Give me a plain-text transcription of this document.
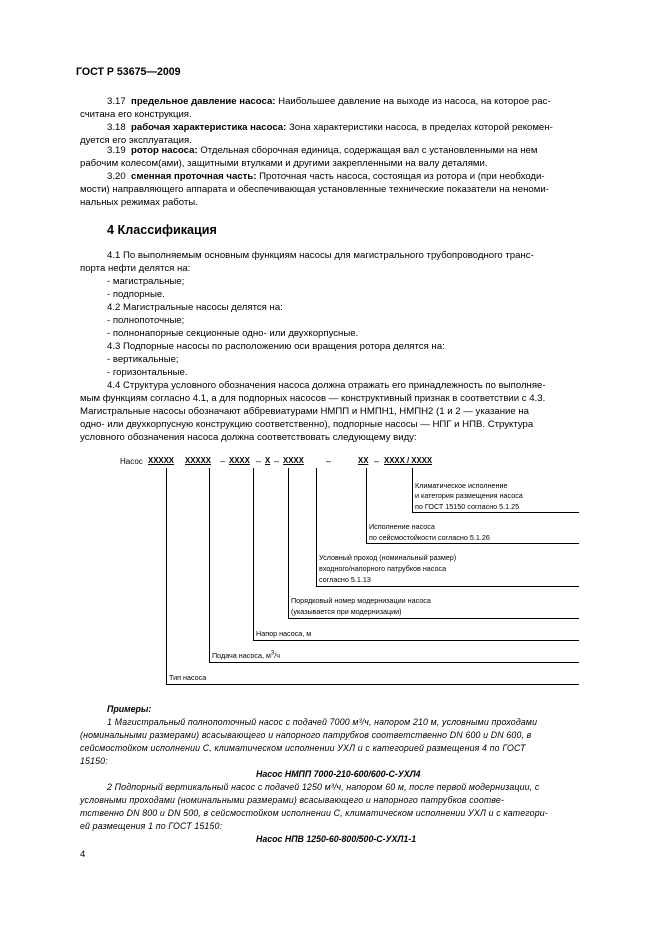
ГОСТ Р 53675—2009
3.17 предельное давление насоса: Наибольшее давление на выходе из насоса, на которое рас-
считана его конструкция.
3.18 рабочая характеристика насоса: Зона характеристики насоса, в пределах которой рекомен-
дуется его эксплуатация.
3.19 ротор насоса: Отдельная сборочная единица, содержащая вал с установленными на нем
рабочим колесом(ами), защитными втулками и другими закрепленными на валу деталями.
3.20 сменная проточная часть: Проточная часть насоса, состоящая из ротора и (при необходи-
мости) направляющего аппарата и обеспечивающая установленные технические показатели на неноми-
нальных режимах работы.
4 Классификация
4.1 По выполняемым основным функциям насосы для магистрального трубопроводного транс-
порта нефти делятся на:
- магистральные;
- подпорные.
4.2 Магистральные насосы делятся на:
- полнопоточные;
- полнонапорные секционные одно- или двухкорпусные.
4.3 Подпорные насосы по расположению оси вращения ротора делятся на:
- вертикальные;
- горизонтальные.
4.4 Структура условного обозначения насоса должна отражать его принадлежность по выполняе-
мым функциям согласно 4.1, а для подпорных насосов — конструктивный признак в соответствии с 4.3.
Магистральные насосы обозначают аббревиатурами НМПП и НМПН1, НМПН2 (1 и 2 — указание на
одно- или двухкорпусную конструкцию соответственно), подпорные насосы — НПГ и НПВ. Структура
условного обозначения насоса должна соответствовать следующему виду:
Насос XXXXX XXXXX – XXXX – X – XXXX –	XX – XXXX / XXXX
Климатическое исполнение
и категория размещения насоса
по ГОСТ 15150 согласно 5.1.25
Исполнение насоса
по сейсмостойкости согласно 5.1.26
Условный проход (номинальный размер)
входного/напорного патрубков насоса
согласно 5.1.13
Порядковый номер модернизации насоса
(указывается при модернизации)
Напор насоса, м
Подача насоса, $м^3/ч$
Тип насоса
Примеры:
1 Магистральный полнопоточный насос с подачей 7000 м³/ч, напором 210 м, условными проходами
(номинальными размерами) всасывающего и напорного патрубков соответственно DN 600 и DN 600, в
сейсмостойком исполнении С, климатическом исполнении УХЛ и с категорией размещения 4 по ГОСТ
15150:
Насос НМПП 7000-210-600/600-С-УХЛ4
2 Подпорный вертикальный насос с подачей 1250 м³/ч, напором 60 м, после первой модернизации, с
условными проходами (номинальными размерами) всасывающего и напорного патрубков соотве-
тственно DN 800 и DN 500, в сейсмостойком исполнении С, климатическом исполнении УХЛ и с категори-
ей размещения 1 по ГОСТ 15150:
Насос НПВ 1250-60-800/500-С-УХЛ1-1
4
